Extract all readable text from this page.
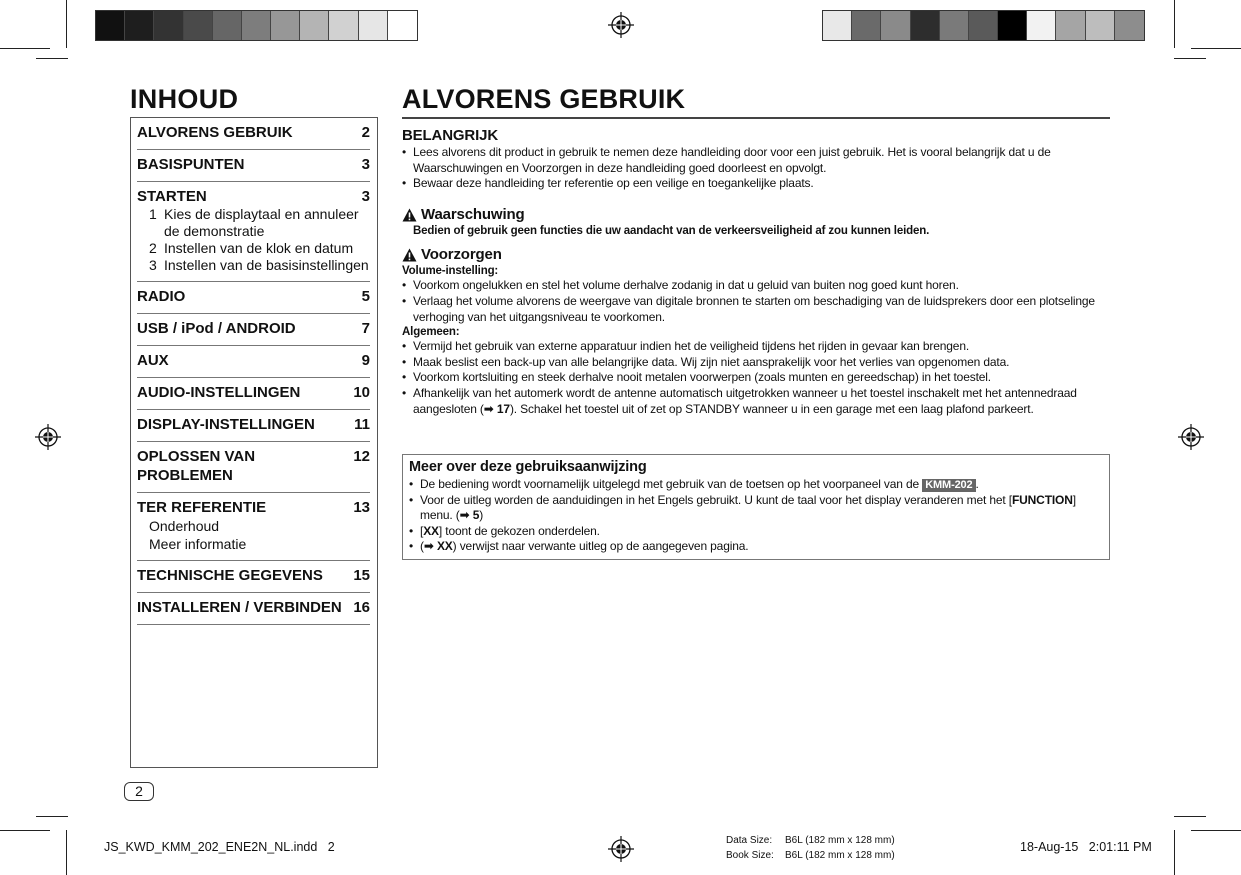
INHOUD
ALVORENS GEBRUIK	2
BASISPUNTEN	3
STARTEN	3
1 Kies de displaytaal en annuleer de demonstratie
2 Instellen van de klok en datum
3 Instellen van de basisinstellingen
RADIO	5
USB / iPod / ANDROID	7
AUX	9
AUDIO-INSTELLINGEN	10
DISPLAY-INSTELLINGEN	11
OPLOSSEN VAN PROBLEMEN
12
TER REFERENTIE	13
Onderhoud
Meer informatie
TECHNISCHE GEGEVENS 15
INSTALLEREN / VERBINDEN 16
2
ALVORENS GEBRUIK
BELANGRIJK
• Lees alvorens dit product in gebruik te nemen deze handleiding door voor een juist gebruik. Het is vooral belangrijk dat u de Waarschuwingen en Voorzorgen in deze handleiding goed doorleest en opvolgt.
• Bewaar deze handleiding ter referentie op een veilige en toegankelijke plaats.
Waarschuwing
Bedien of gebruik geen functies die uw aandacht van de verkeersveiligheid af zou kunnen leiden.
Voorzorgen
Volume-instelling:
• Voorkom ongelukken en stel het volume derhalve zodanig in dat u geluid van buiten nog goed kunt horen.
• Verlaag het volume alvorens de weergave van digitale bronnen te starten om beschadiging van de luidsprekers door een plotselinge verhoging van het uitgangsniveau te voorkomen.
Algemeen:
• Vermijd het gebruik van externe apparatuur indien het de veiligheid tijdens het rijden in gevaar kan brengen.
• Maak beslist een back-up van alle belangrijke data. Wij zijn niet aansprakelijk voor het verlies van opgenomen data.
• Voorkom kortsluiting en steek derhalve nooit metalen voorwerpen (zoals munten en gereedschap) in het toestel.
• Afhankelijk van het automerk wordt de antenne automatisch uitgetrokken wanneer u het toestel inschakelt met het antennedraad aangesloten (➡ 17). Schakel het toestel uit of zet op STANDBY wanneer u in een garage met een laag plafond parkeert.
Meer over deze gebruiksaanwijzing
• De bediening wordt voornamelijk uitgelegd met gebruik van de toetsen op het voorpaneel van de KMM-202 .
• Voor de uitleg worden de aanduidingen in het Engels gebruikt. U kunt de taal voor het display veranderen met het [FUNCTION] menu. (➡ 5)
• [XX] toont de gekozen onderdelen.
• (➡ XX) verwijst naar verwante uitleg op de aangegeven pagina.
JS_KWD_KMM_202_ENE2N_NL.indd   2	Data Size: B6L (182 mm x 128 mm)
Book Size: B6L (182 mm x 128 mm)
18-Aug-15   2:01:11 PM
